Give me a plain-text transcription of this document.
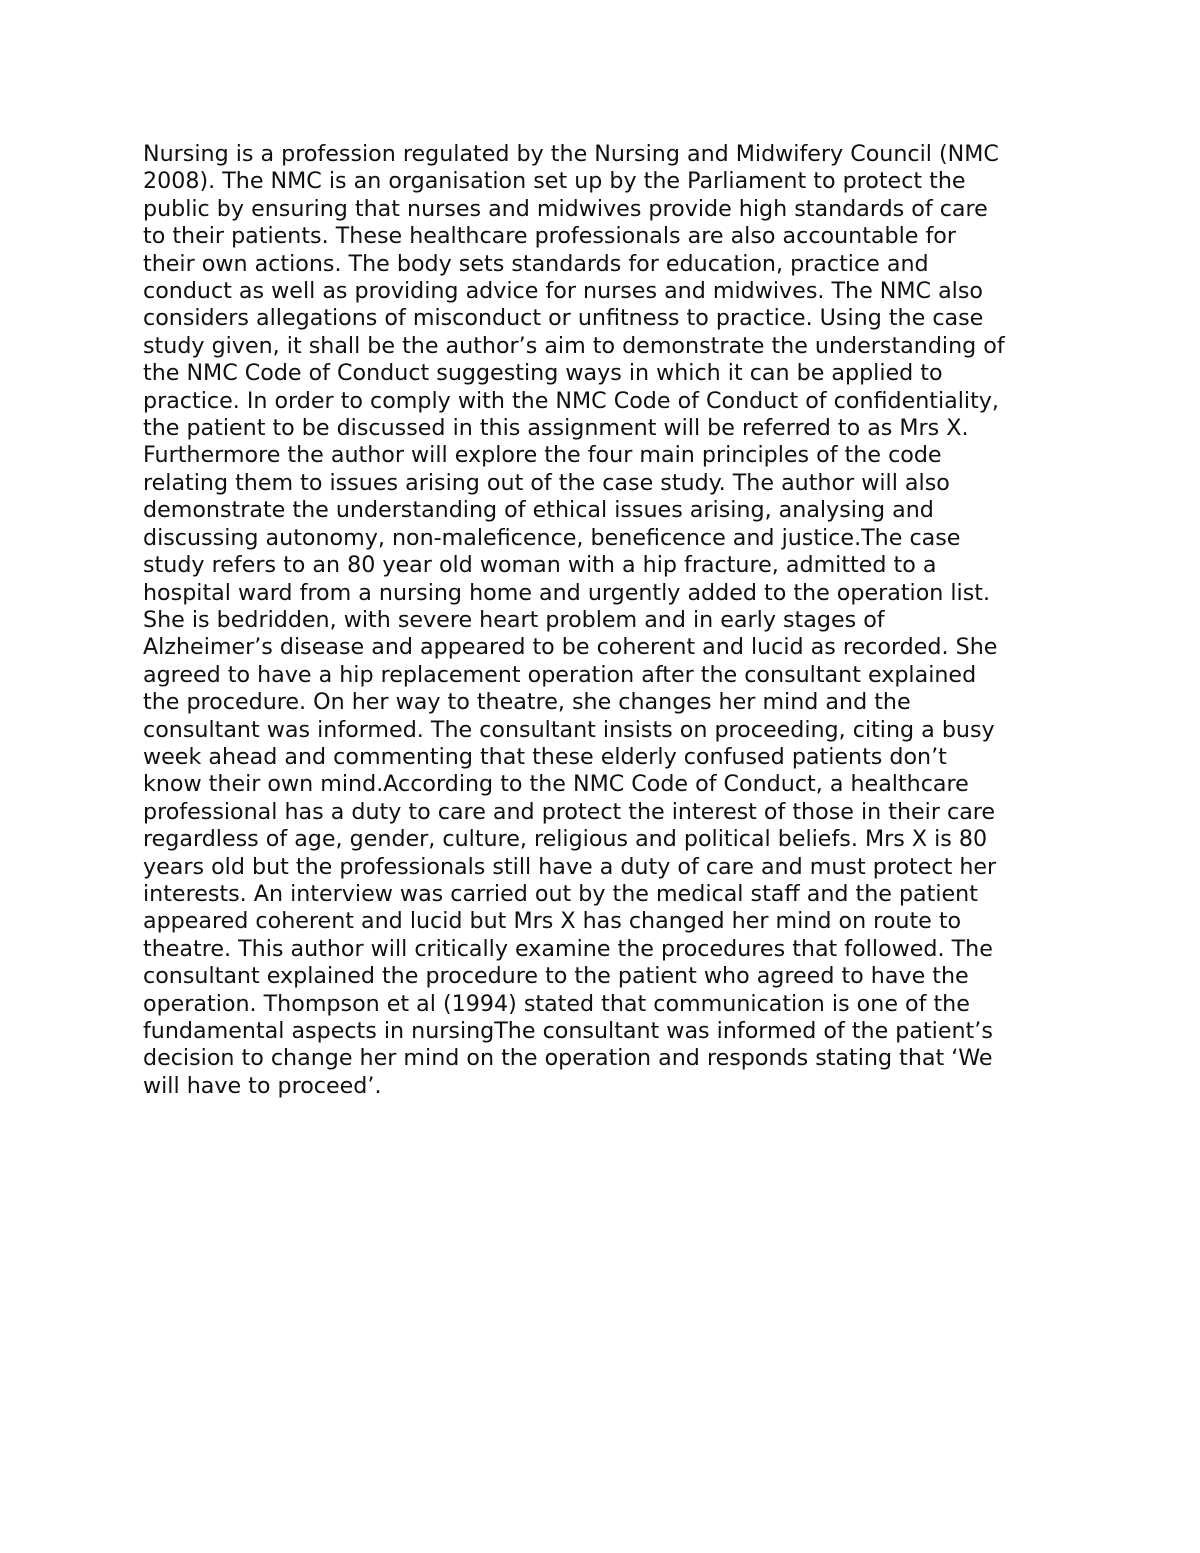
Nursing is a profession regulated by the Nursing and Midwifery Council (NMC
2008). The NMC is an organisation set up by the Parliament to protect the
public by ensuring that nurses and midwives provide high standards of care
to their patients. These healthcare professionals are also accountable for
their own actions. The body sets standards for education, practice and
conduct as well as providing advice for nurses and midwives. The NMC also
considers allegations of misconduct or unfitness to practice. Using the case
study given, it shall be the author’s aim to demonstrate the understanding of
the NMC Code of Conduct suggesting ways in which it can be applied to
practice. In order to comply with the NMC Code of Conduct of confidentiality,
the patient to be discussed in this assignment will be referred to as Mrs X.
Furthermore the author will explore the four main principles of the code
relating them to issues arising out of the case study. The author will also
demonstrate the understanding of ethical issues arising, analysing and
discussing autonomy, non-maleficence, beneficence and justice.The case
study refers to an 80 year old woman with a hip fracture, admitted to a
hospital ward from a nursing home and urgently added to the operation list.
She is bedridden, with severe heart problem and in early stages of
Alzheimer’s disease and appeared to be coherent and lucid as recorded. She
agreed to have a hip replacement operation after the consultant explained
the procedure. On her way to theatre, she changes her mind and the
consultant was informed. The consultant insists on proceeding, citing a busy
week ahead and commenting that these elderly confused patients don’t
know their own mind.According to the NMC Code of Conduct, a healthcare
professional has a duty to care and protect the interest of those in their care
regardless of age, gender, culture, religious and political beliefs. Mrs X is 80
years old but the professionals still have a duty of care and must protect her
interests. An interview was carried out by the medical staff and the patient
appeared coherent and lucid but Mrs X has changed her mind on route to
theatre. This author will critically examine the procedures that followed. The
consultant explained the procedure to the patient who agreed to have the
operation. Thompson et al (1994) stated that communication is one of the
fundamental aspects in nursingThe consultant was informed of the patient’s
decision to change her mind on the operation and responds stating that ‘We
will have to proceed’.
